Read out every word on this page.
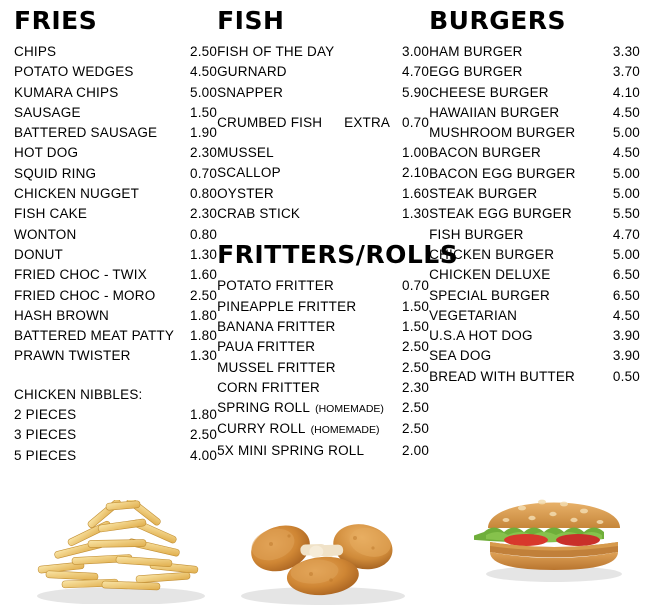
FRIES
CHIPS	2.50
POTATO WEDGES	4.50
KUMARA CHIPS	5.00
SAUSAGE	1.50
BATTERED SAUSAGE	1.90
HOT DOG	2.30
SQUID RING	0.70
CHICKEN NUGGET	0.80
FISH CAKE	2.30
WONTON	0.80
DONUT	1.30
FRIED CHOC - TWIX	1.60
FRIED CHOC - MORO	2.50
HASH BROWN	1.80
BATTERED MEAT PATTY	1.80
PRAWN TWISTER	1.30
CHICKEN NIBBLES:
2 PIECES	1.80
3 PIECES	2.50
5 PIECES	4.00
FISH
FISH OF THE DAY	3.00
GURNARD	4.70
SNAPPER	5.90
CRUMBED FISH EXTRA 0.70
MUSSEL	1.00
SCALLOP	2.10
OYSTER	1.60
CRAB STICK	1.30
FRITTERS/ROLLS
POTATO FRITTER	0.70
PINEAPPLE FRITTER	1.50
BANANA FRITTER	1.50
PAUA FRITTER	2.50
MUSSEL FRITTER	2.50
CORN FRITTER	2.30
SPRING ROLL (HOMEMADE)	2.50
CURRY ROLL (HOMEMADE)	2.50
5X MINI SPRING ROLL	2.00
BURGERS
HAM BURGER	3.30
EGG BURGER	3.70
CHEESE BURGER	4.10
HAWAIIAN BURGER	4.50
MUSHROOM BURGER	5.00
BACON BURGER	4.50
BACON EGG BURGER	5.00
STEAK BURGER	5.00
STEAK EGG BURGER	5.50
FISH BURGER	4.70
CHICKEN BURGER	5.00
CHICKEN DELUXE	6.50
SPECIAL BURGER	6.50
VEGETARIAN	4.50
U.S.A HOT DOG	3.90
SEA DOG	3.90
BREAD WITH BUTTER	0.50
